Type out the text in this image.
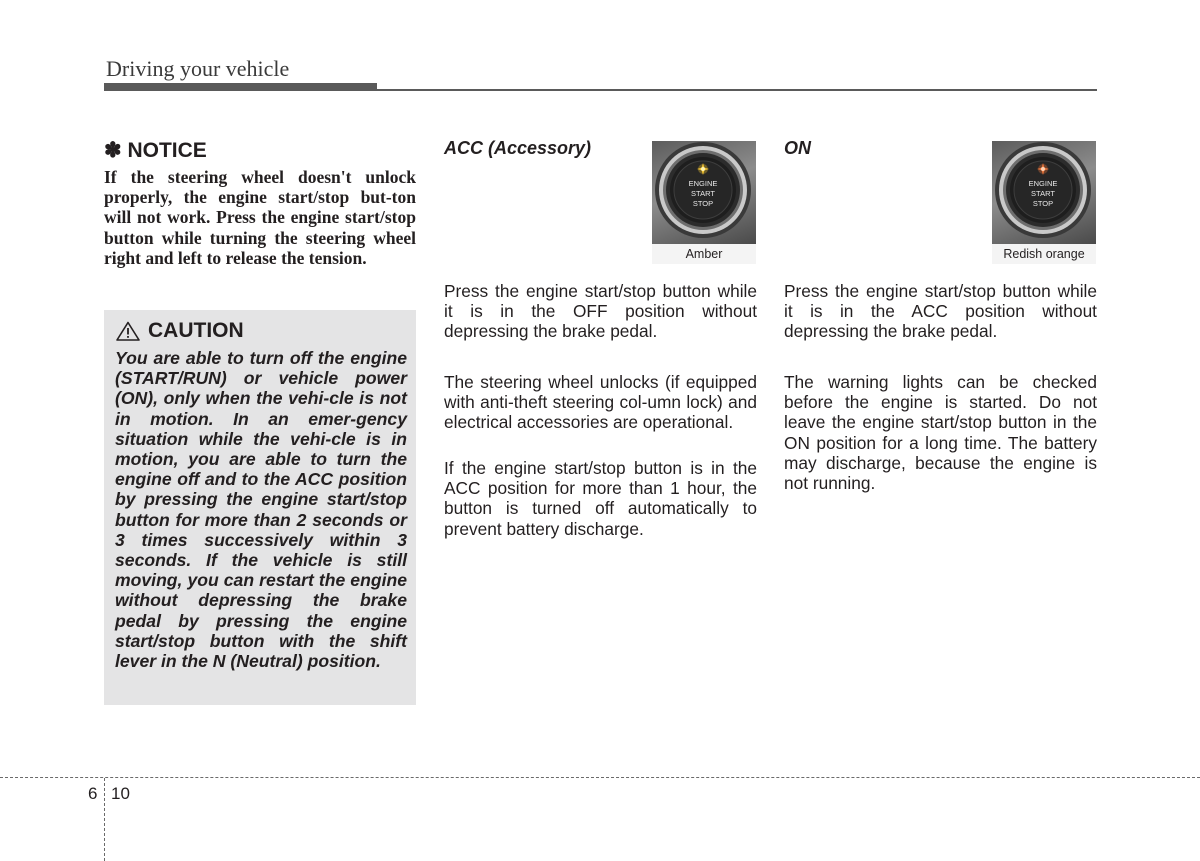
Driving your vehicle
✽ NOTICE
If the steering wheel doesn't unlock properly, the engine start/stop but-ton will not work. Press the engine start/stop button while turning the steering wheel right and left to release the tension.
CAUTION
You are able to turn off the engine (START/RUN) or vehicle power (ON), only when the vehi-cle is not in motion. In an emer-gency situation while the vehi-cle is in motion, you are able to turn the engine off and to the ACC position by pressing the engine start/stop button for more than 2 seconds or 3 times successively within 3 seconds. If the vehicle is still moving, you can restart the engine without depressing the brake pedal by pressing the engine start/stop button with the shift lever in the N (Neutral) position.
ACC (Accessory)
ENGINE
START
STOP
Amber
Press the engine start/stop button while it is in the OFF position without depressing the brake pedal.
The steering wheel unlocks (if equipped with anti-theft steering col-umn lock) and electrical accessories are operational.
If the engine start/stop button is in the ACC position for more than 1 hour, the button is turned off automatically to prevent battery discharge.
ON
ENGINE
START
STOP
Redish orange
Press the engine start/stop button while it is in the ACC position without depressing the brake pedal.
The warning lights can be checked before the engine is started. Do not leave the engine start/stop button in the ON position for a long time. The battery may discharge, because the engine is not running.
6 10
